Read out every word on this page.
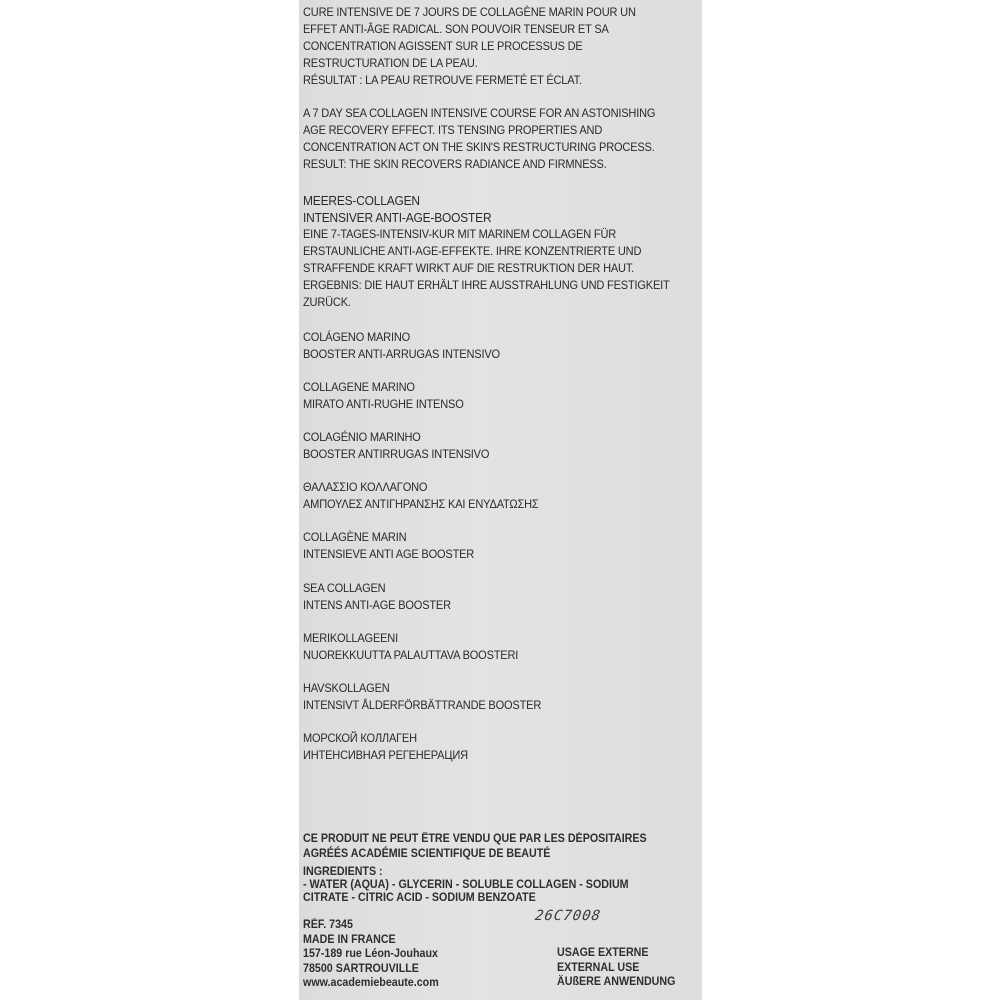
CURE INTENSIVE DE 7 JOURS DE COLLAGÈNE MARIN POUR UN
EFFET ANTI-ÂGE RADICAL. SON POUVOIR TENSEUR ET SA
CONCENTRATION AGISSENT SUR LE PROCESSUS DE
RESTRUCTURATION DE LA PEAU.
RÉSULTAT : LA PEAU RETROUVE FERMETÉ ET ÉCLAT.
A 7 DAY SEA COLLAGEN INTENSIVE COURSE FOR AN ASTONISHING
AGE RECOVERY EFFECT. ITS TENSING PROPERTIES AND
CONCENTRATION ACT ON THE SKIN'S RESTRUCTURING PROCESS.
RESULT: THE SKIN RECOVERS RADIANCE AND FIRMNESS.
MEERES-COLLAGEN
INTENSIVER ANTI-AGE-BOOSTER
EINE 7-TAGES-INTENSIV-KUR MIT MARINEM COLLAGEN FÜR
ERSTAUNLICHE ANTI-AGE-EFFEKTE. IHRE KONZENTRIERTE UND
STRAFFENDE KRAFT WIRKT AUF DIE RESTRUKTION DER HAUT.
ERGEBNIS: DIE HAUT ERHÄLT IHRE AUSSTRAHLUNG UND FESTIGKEIT
ZURÜCK.
COLÁGENO MARINO
BOOSTER ANTI-ARRUGAS INTENSIVO
COLLAGENE MARINO
MIRATO ANTI-RUGHE INTENSO
COLAGÉNIO MARINHO
BOOSTER ANTIRRUGAS INTENSIVO
ΘΑΛΑΣΣΙΟ ΚΟΛΛΑΓΟΝΟ
ΑΜΠΟΥΛΕΣ ΑΝΤΙΓΗΡΑΝΣΗΣ ΚΑΙ ΕΝΥΔΑΤΩΣΗΣ
COLLAGÈNE MARIN
INTENSIEVE ANTI AGE BOOSTER
SEA COLLAGEN
INTENS ANTI-AGE BOOSTER
MERIKOLLAGEENI
NUOREKKUUTTA PALAUTTAVA BOOSTERI
HAVSKOLLAGEN
INTENSIVT ÅLDERFÖRBÄTTRANDE BOOSTER
МОРСКОЙ КОЛЛАГЕН
ИНТЕНСИВНАЯ РЕГЕНЕРАЦИЯ
CE PRODUIT NE PEUT ÊTRE VENDU QUE PAR LES DÉPOSITAIRES
AGRÉÉS ACADÉMIE SCIENTIFIQUE DE BEAUTÉ
INGREDIENTS :
- WATER (AQUA) - GLYCERIN - SOLUBLE COLLAGEN - SODIUM
CITRATE - CITRIC ACID - SODIUM BENZOATE
26C7008
RÉF. 7345
MADE IN FRANCE
157-189 rue Léon-Jouhaux
78500 SARTROUVILLE
www.academiebeaute.com
USAGE EXTERNE
EXTERNAL USE
ÄUßERE ANWENDUNG
